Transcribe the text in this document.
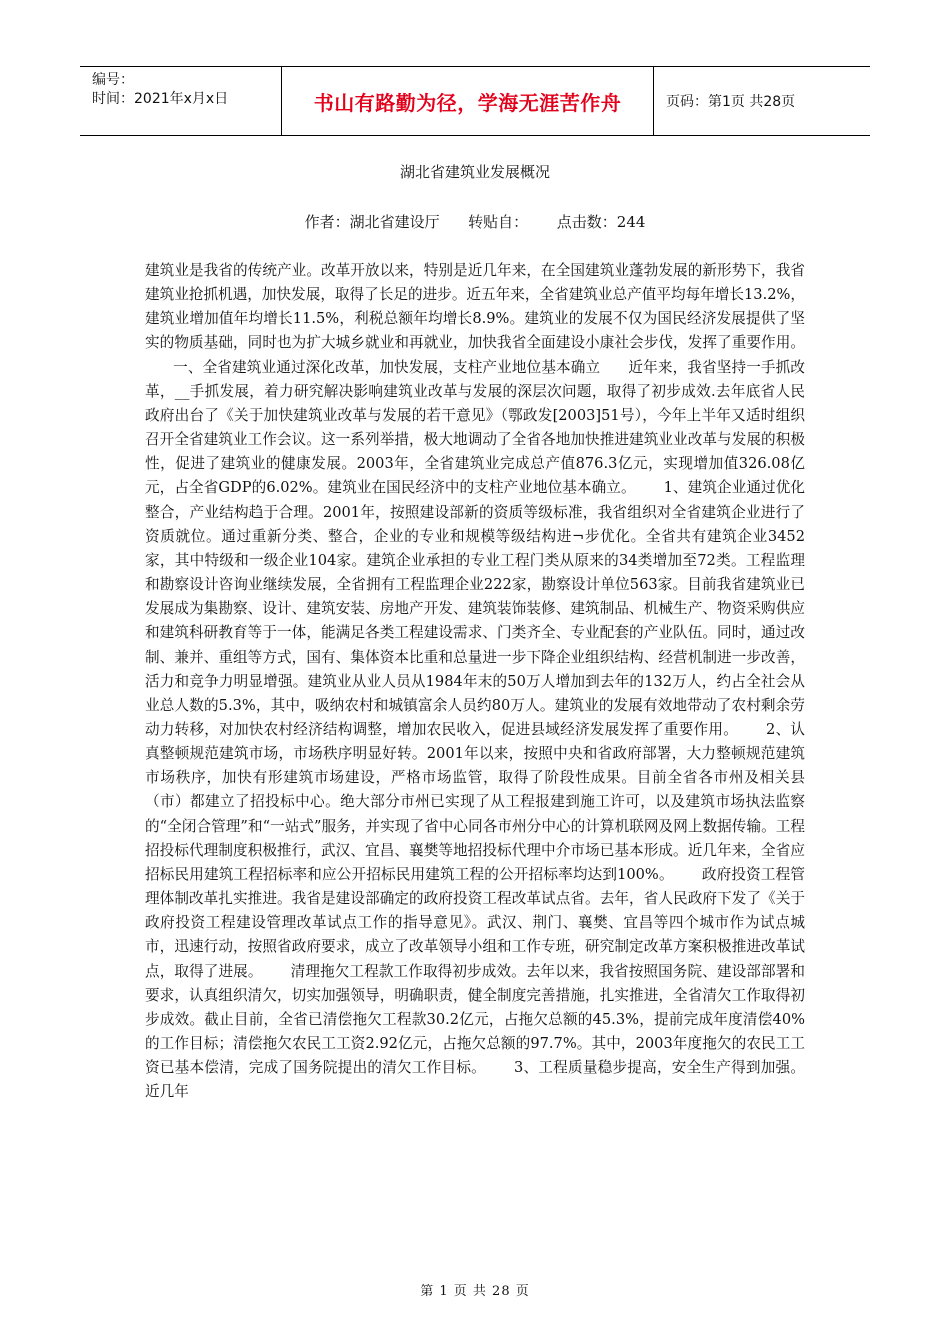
编号：
时间：2021年x月x日	书山有路勤为径，学海无涯苦作舟	页码：第1页 共28页
湖北省建筑业发展概况
作者：湖北省建设厅      转贴自：      点击数：244

建筑业是我省的传统产业。改革开放以来，特别是近几年来，在全国建筑业蓬勃发展的新形势下，我省建筑业抢抓机遇，加快发展，取得了长足的进步。近五年来，全省建筑业总产值平均每年增长13.2%，建筑业增加值年均增长11.5%，利税总额年均增长8.9%。建筑业的发展不仅为国民经济发展提供了坚实的物质基础，同时也为扩大城乡就业和再就业，加快我省全面建设小康社会步伐，发挥了重要作用。一、全省建筑业通过深化改革，加快发展，支柱产业地位基本确立 近年来，我省坚持一手抓改革，__手抓发展，着力研究解决影响建筑业改革与发展的深层次问题，取得了初步成效.去年底省人民政府出台了《关于加快建筑业改革与发展的若干意见》（鄂政发[2003]51号），今年上半年又适时组织召开全省建筑业工作会议。这一系列举措，极大地调动了全省各地加快推进建筑业业改革与发展的积极性，促进了建筑业的健康发展。2003年，全省建筑业完成总产值876.3亿元，实现增加值326.08亿元，占全省GDP的6.02%。建筑业在国民经济中的支柱产业地位基本确立。 1、建筑企业通过优化整合，产业结构趋于合理。2001年，按照建设部新的资质等级标准，我省组织对全省建筑企业进行了资质就位。通过重新分类、整合，企业的专业和规模等级结构进¬步优化。全省共有建筑企业3452家，其中特级和一级企业104家。建筑企业承担的专业工程门类从原来的34类增加至72类。工程监理和勘察设计咨询业继续发展，全省拥有工程监理企业222家，勘察设计单位563家。目前我省建筑业已发展成为集勘察、设计、建筑安装、房地产开发、建筑装饰装修、建筑制品、机械生产、物资采购供应和建筑科研教育等于一体，能满足各类工程建设需求、门类齐全、专业配套的产业队伍。同时，通过改制、兼并、重组等方式，国有、集体资本比重和总量进一步下降企业组织结构、经营机制进一步改善，活力和竞争力明显增强。建筑业从业人员从1984年末的50万人增加到去年的132万人，约占全社会从业总人数的5.3%，其中，吸纳农村和城镇富余人员约80万人。建筑业的发展有效地带动了农村剩余劳动力转移，对加快农村经济结构调整，增加农民收入，促进县域经济发展发挥了重要作用。 2、认真整顿规范建筑市场，市场秩序明显好转。2001年以来，按照中央和省政府部署，大力整顿规范建筑市场秩序，加快有形建筑市场建设，严格市场监管，取得了阶段性成果。目前全省各市州及相关县（市）都建立了招投标中心。绝大部分市州已实现了从工程报建到施工许可，以及建筑市场执法监察的“全闭合管理”和“一站式”服务，并实现了省中心同各市州分中心的计算机联网及网上数据传输。工程招投标代理制度积极推行，武汉、宜昌、襄樊等地招投标代理中介市场已基本形成。近几年来，全省应招标民用建筑工程招标率和应公开招标民用建筑工程的公开招标率均达到100%。 政府投资工程管理体制改革扎实推进。我省是建设部确定的政府投资工程改革试点省。去年，省人民政府下发了《关于政府投资工程建设管理改革试点工作的指导意见》。武汉、荆门、襄樊、宜昌等四个城市作为试点城市，迅速行动，按照省政府要求，成立了改革领导小组和工作专班，研究制定改革方案积极推进改革试点，取得了进展。 清理拖欠工程款工作取得初步成效。去年以来，我省按照国务院、建设部部署和要求，认真组织清欠，切实加强领导，明确职责，健全制度完善措施，扎实推进，全省清欠工作取得初步成效。截止目前，全省已清偿拖欠工程款30.2亿元，占拖欠总额的45.3%，提前完成年度清偿40%的工作目标；清偿拖欠农民工工资2.92亿元，占拖欠总额的97.7%。其中，2003年度拖欠的农民工工资已基本偿清，完成了国务院提出的清欠工作目标。 3、工程质量稳步提高，安全生产得到加强。近几年

第 1 页 共 28 页
